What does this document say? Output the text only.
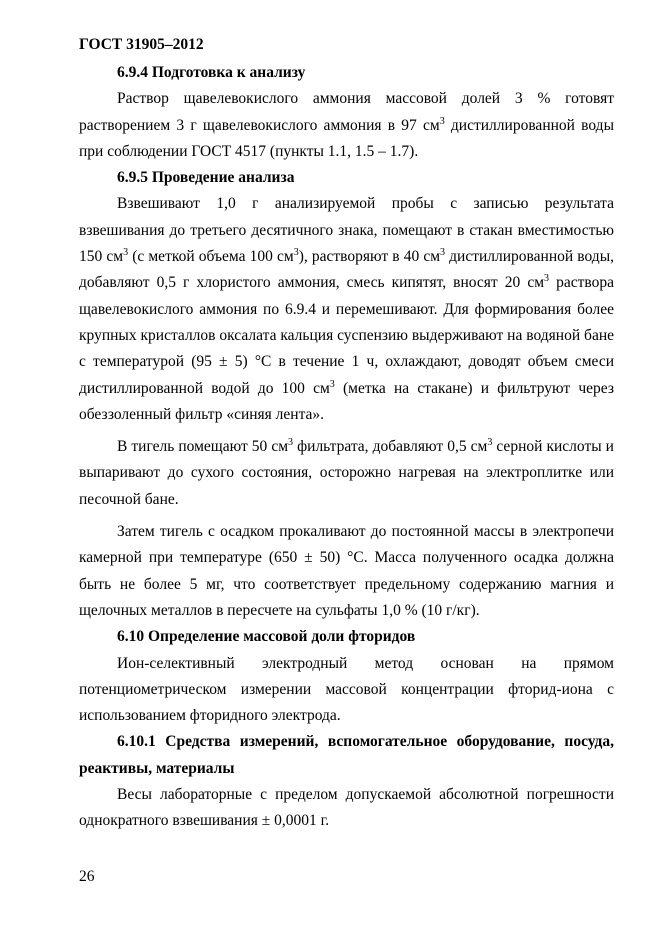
ГОСТ 31905–2012

6.9.4 Подготовка к анализу

Раствор щавелевокислого аммония массовой долей 3 % готовят растворением 3 г щавелевокислого аммония в 97 $см^3$ дистиллированной воды при соблюдении ГОСТ 4517 (пункты 1.1, 1.5 – 1.7).

6.9.5 Проведение анализа

Взвешивают 1,0 г анализируемой пробы с записью результата взвешивания до третьего десятичного знака, помещают в стакан вместимостью 150 $см^3$ (с меткой объема 100 $см^3$), растворяют в 40 $см^3$ дистиллированной воды, добавляют 0,5 г хлористого аммония, смесь кипятят, вносят 20 $см^3$ раствора щавелевокислого аммония по 6.9.4 и перемешивают. Для формирования более крупных кристаллов оксалата кальция суспензию выдерживают на водяной бане с температурой (95 ± 5) °С в течение 1 ч, охлаждают, доводят объем смеси дистиллированной водой до 100 $см^3$ (метка на стакане) и фильтруют через обеззоленный фильтр «синяя лента».

В тигель помещают 50 $см^3$ фильтрата, добавляют 0,5 $см^3$ серной кислоты и выпаривают до сухого состояния, осторожно нагревая на электроплитке или песочной бане.

Затем тигель с осадком прокаливают до постоянной массы в электропечи камерной при температуре (650 ± 50) °С. Масса полученного осадка должна быть не более 5 мг, что соответствует предельному содержанию магния и щелочных металлов в пересчете на сульфаты 1,0 % (10 г/кг).

6.10 Определение массовой доли фторидов

Ион-селективный электродный метод основан на прямом потенциометрическом измерении массовой концентрации фторид-иона с использованием фторидного электрода.

6.10.1 Средства измерений, вспомогательное оборудование, посуда, реактивы, материалы

Весы лабораторные с пределом допускаемой абсолютной погрешности однократного взвешивания ± 0,0001 г.

26
